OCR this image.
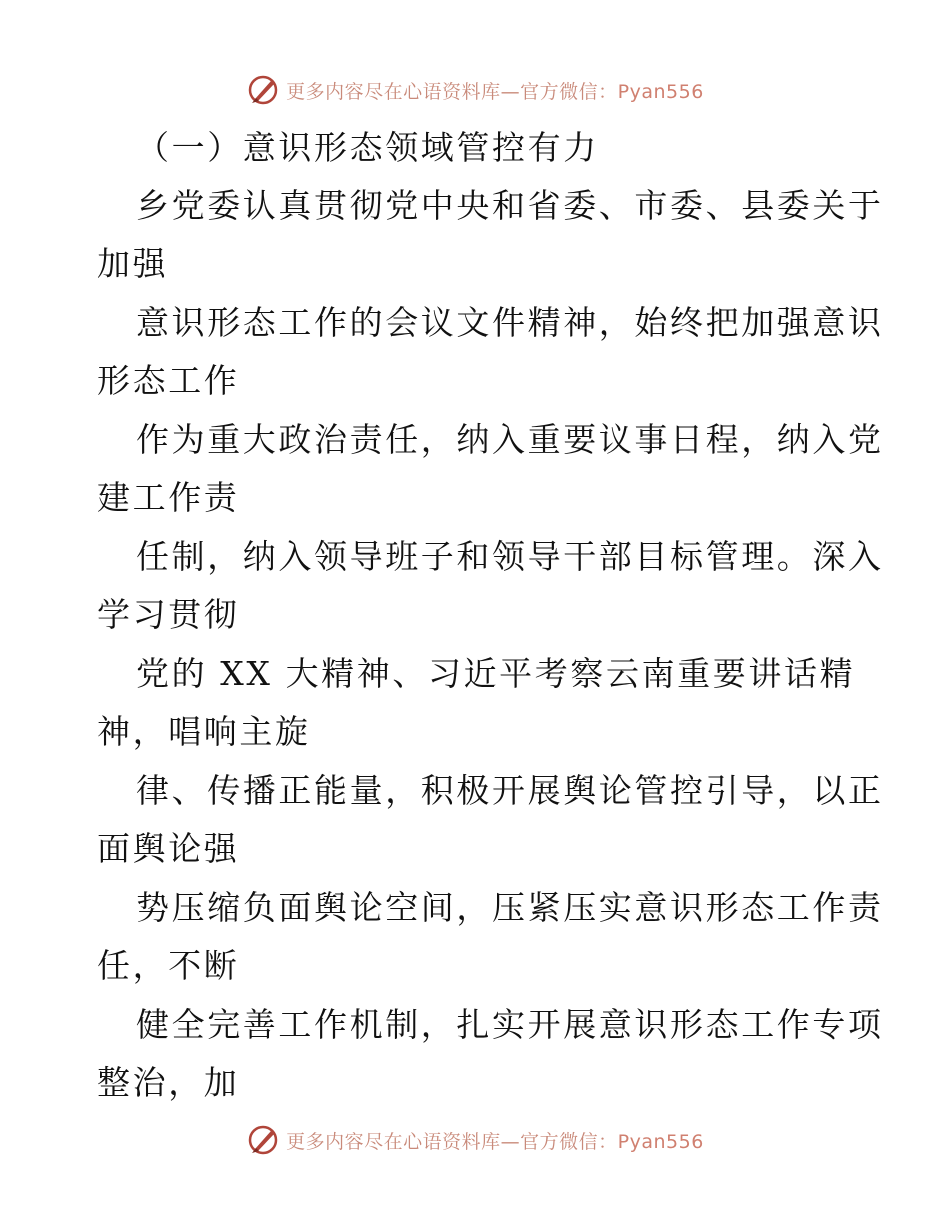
更多内容尽在心语资料库—官方微信：Pyan556
（一）意识形态领域管控有力
乡党委认真贯彻党中央和省委、市委、县委关于
加强
意识形态工作的会议文件精神，始终把加强意识
形态工作
作为重大政治责任，纳入重要议事日程，纳入党
建工作责
任制，纳入领导班子和领导干部目标管理。深入
学习贯彻
党的 XX 大精神、习近平考察云南重要讲话精
神，唱响主旋
律、传播正能量，积极开展舆论管控引导，以正
面舆论强
势压缩负面舆论空间，压紧压实意识形态工作责
任，不断
健全完善工作机制，扎实开展意识形态工作专项
整治，加
更多内容尽在心语资料库—官方微信：Pyan556
